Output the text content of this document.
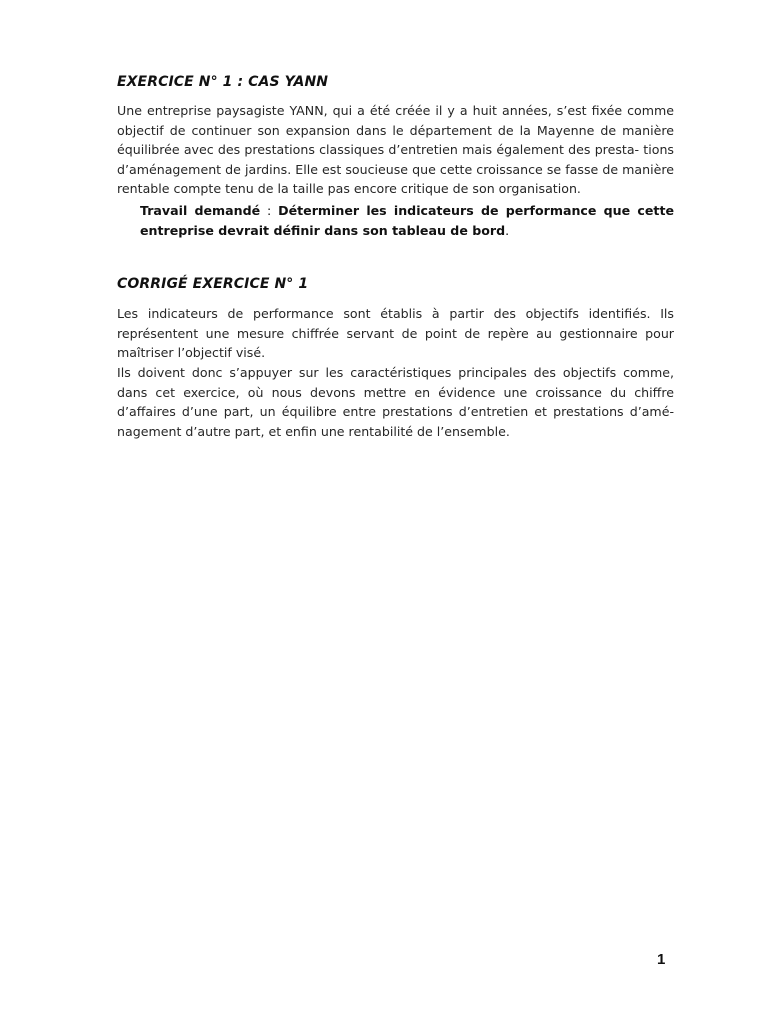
EXERCICE N° 1 : CAS YANN

Une entreprise paysagiste YANN, qui a été créée il y a huit années, s’est fixée comme objectif de continuer son expansion dans le département de la Mayenne de manière équilibrée avec des prestations classiques d’entretien mais également des presta- tions d’aménagement de jardins. Elle est soucieuse que cette croissance se fasse de manière rentable compte tenu de la taille pas encore critique de son organisation.

Travail demandé : Déterminer les indicateurs de performance que cette entreprise devrait définir dans son tableau de bord.

CORRIGÉ EXERCICE N° 1

Les indicateurs de performance sont établis à partir des objectifs identifiés. Ils représentent une mesure chiffrée servant de point de repère au gestionnaire pour maîtriser l’objectif visé.

Ils doivent donc s’appuyer sur les caractéristiques principales des objectifs comme, dans cet exercice, où nous devons mettre en évidence une croissance du chiffre d’affaires d’une part, un équilibre entre prestations d’entretien et prestations d’amé- nagement d’autre part, et enfin une rentabilité de l’ensemble.

1
